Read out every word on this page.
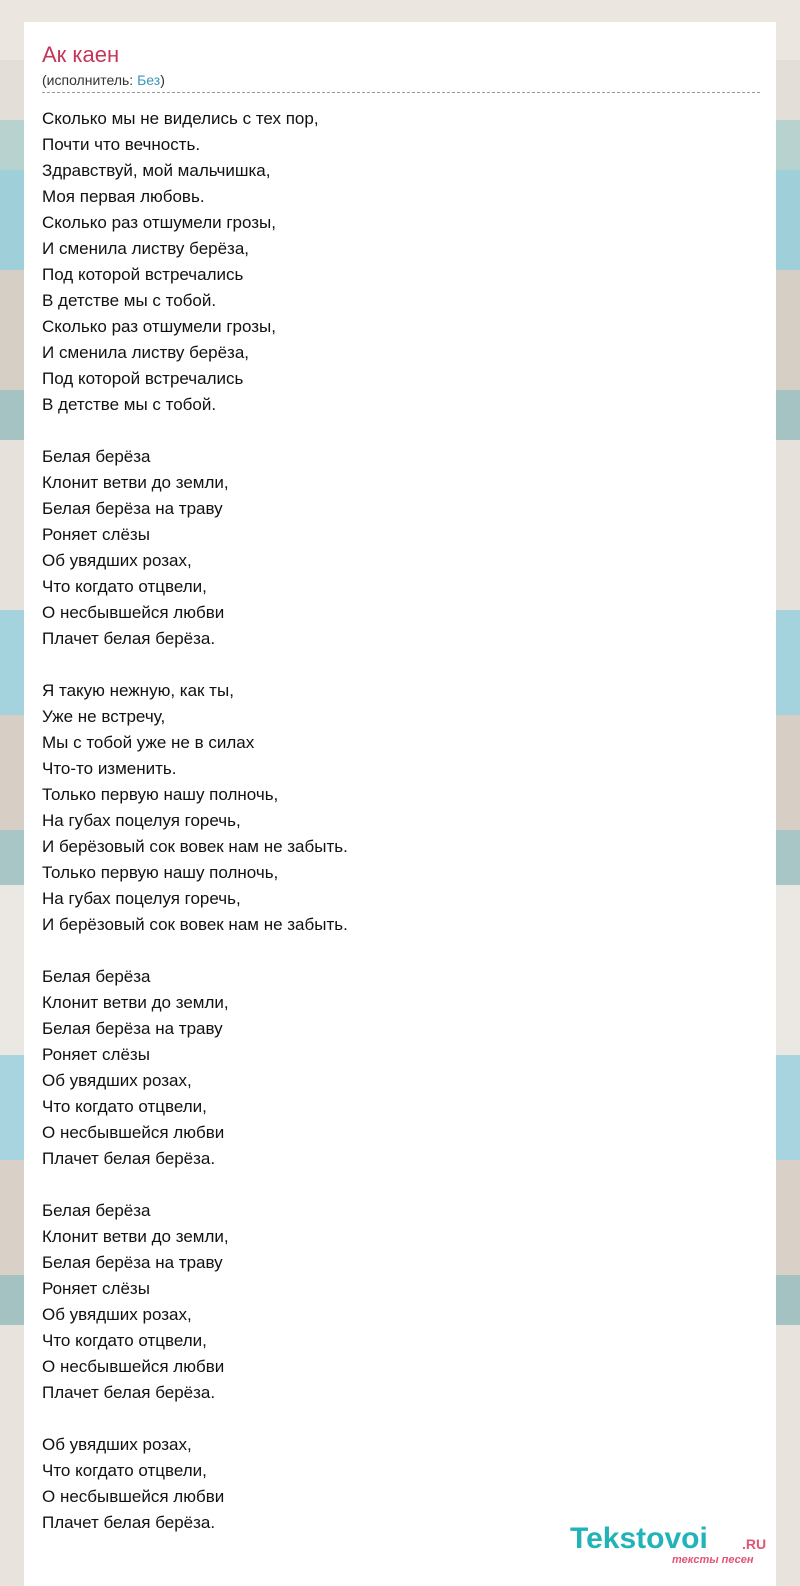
Ак каен
(исполнитель: Без)
Сколько мы не виделись с тех пор,
Почти что вечность.
Здравствуй, мой мальчишка,
Моя первая любовь.
Сколько раз отшумели грозы,
И сменила листву берёза,
Под которой встречались
В детстве мы с тобой.
Сколько раз отшумели грозы,
И сменила листву берёза,
Под которой встречались
В детстве мы с тобой.

Белая берёза
Клонит ветви до земли,
Белая берёза на траву
Роняет слёзы
Об увядших розах,
Что когдато отцвели,
О несбывшейся любви
Плачет белая берёза.

Я такую нежную, как ты,
Уже не встречу,
Мы с тобой уже не в силах
Что-то изменить.
Только первую нашу полночь,
На губах поцелуя горечь,
И берёзовый сок вовек нам не забыть.
Только первую нашу полночь,
На губах поцелуя горечь,
И берёзовый сок вовек нам не забыть.

Белая берёза
Клонит ветви до земли,
Белая берёза на траву
Роняет слёзы
Об увядших розах,
Что когдато отцвели,
О несбывшейся любви
Плачет белая берёза.

Белая берёза
Клонит ветви до земли,
Белая берёза на траву
Роняет слёзы
Об увядших розах,
Что когдато отцвели,
О несбывшейся любви
Плачет белая берёза.

Об увядших розах,
Что когдато отцвели,
О несбывшейся любви
Плачет белая берёза.	Tekstovoi .RU
тексты песен
